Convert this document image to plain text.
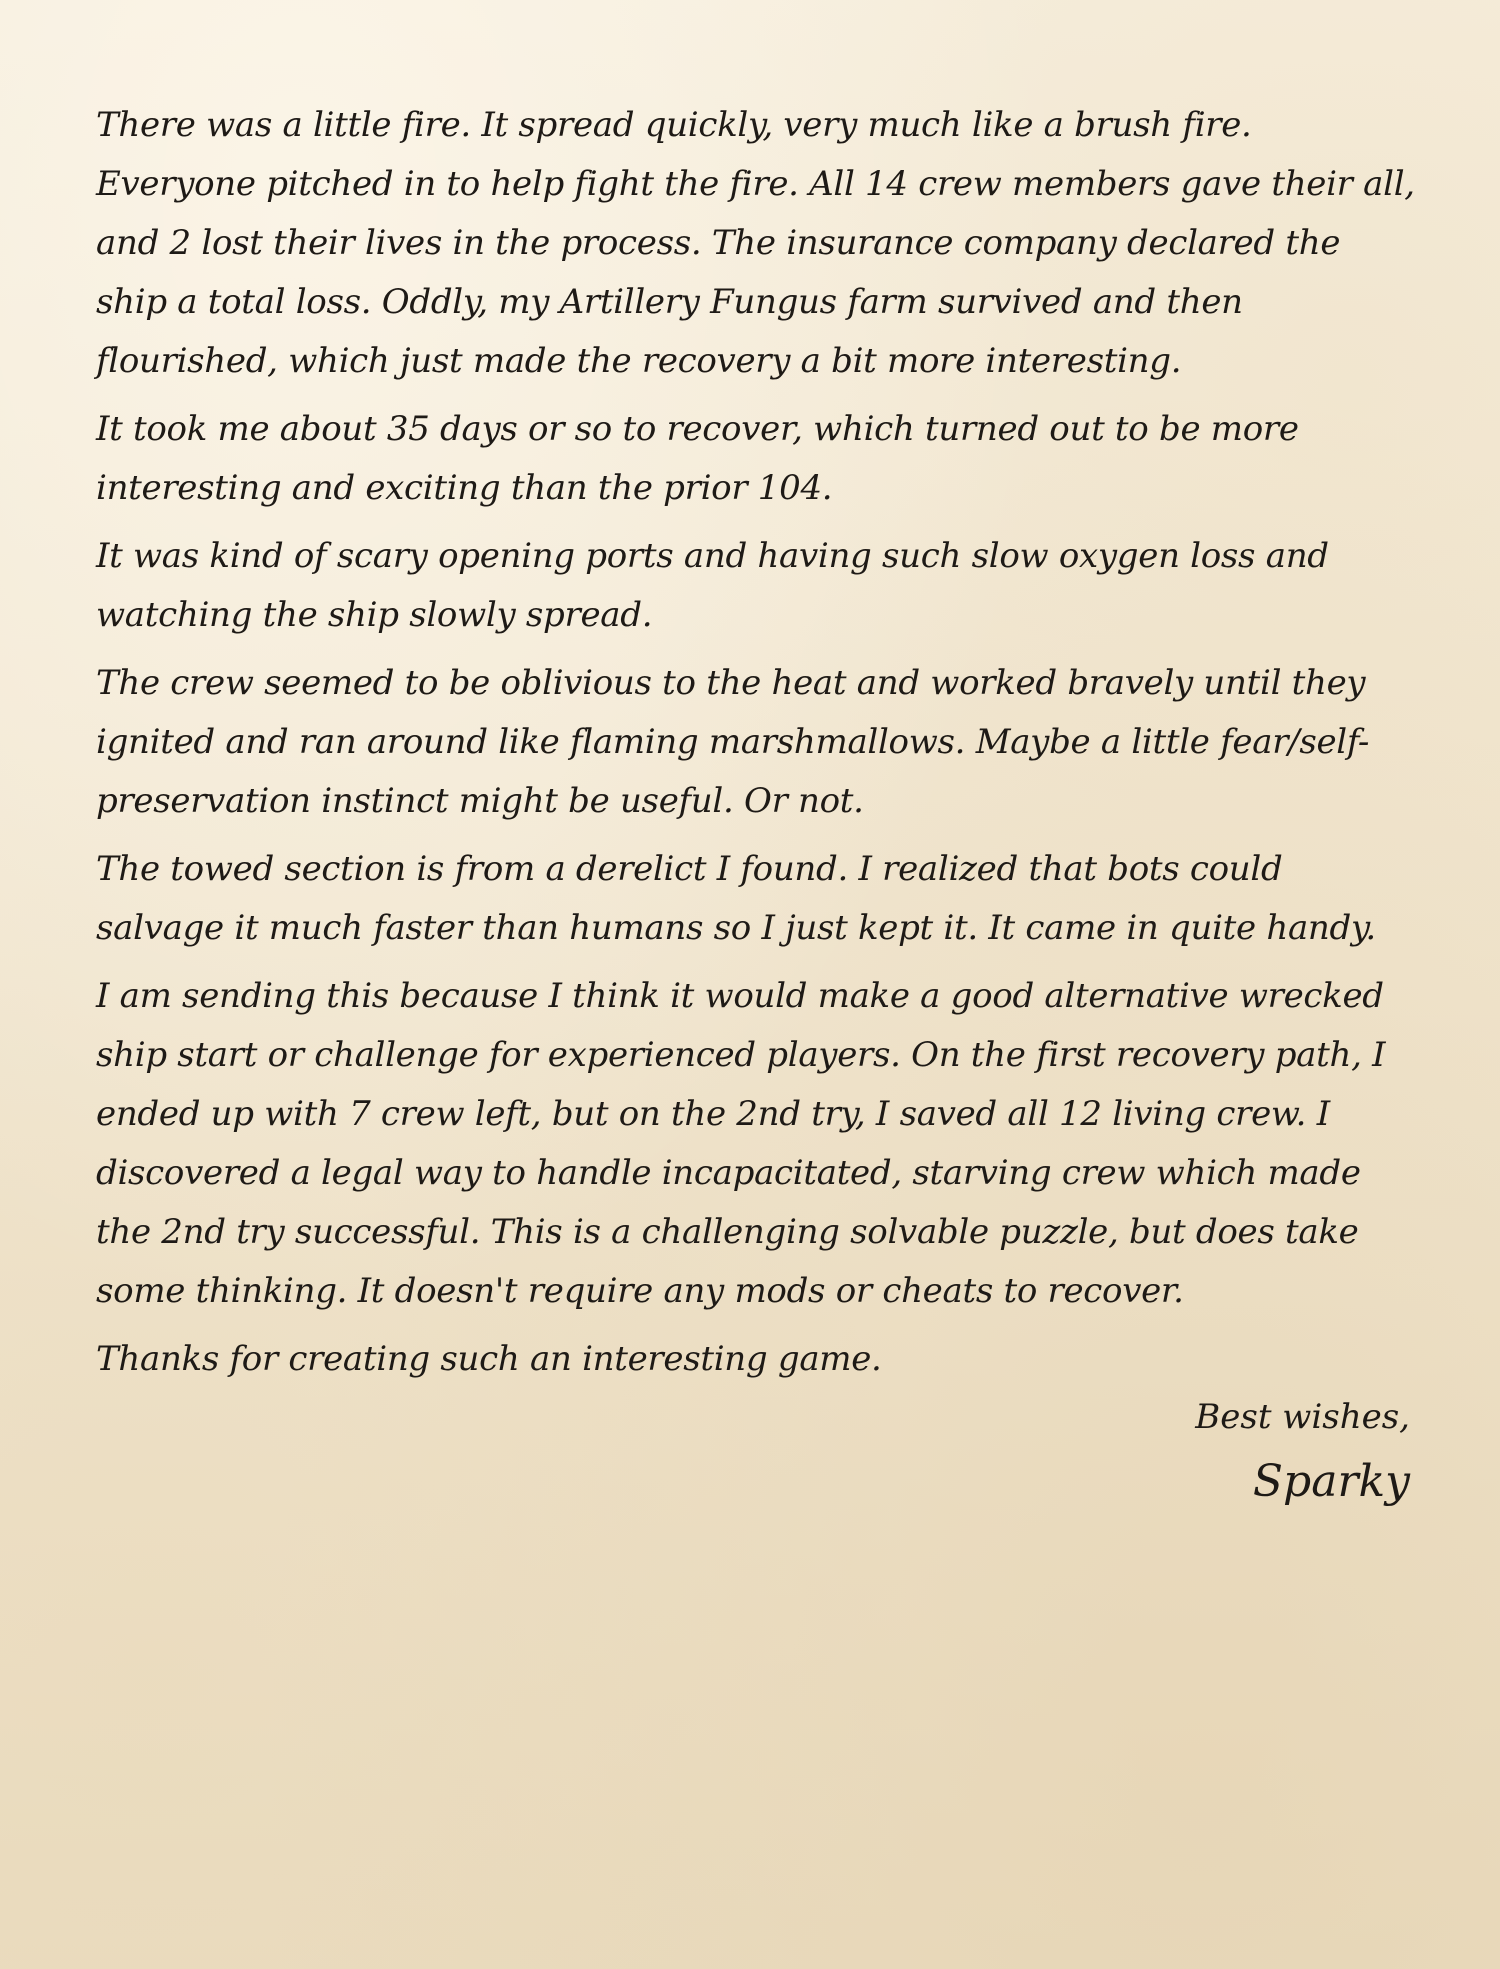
There was a little fire. It spread quickly, very much like a brush fire. Everyone pitched in to help fight the fire. All 14 crew members gave their all, and 2 lost their lives in the process. The insurance company declared the ship a total loss. Oddly, my Artillery Fungus farm survived and then flourished, which just made the recovery a bit more interesting.

It took me about 35 days or so to recover, which turned out to be more interesting and exciting than the prior 104.

It was kind of scary opening ports and having such slow oxygen loss and watching the ship slowly spread.

The crew seemed to be oblivious to the heat and worked bravely until they ignited and ran around like flaming marshmallows. Maybe a little fear/self-preservation instinct might be useful. Or not.

The towed section is from a derelict I found. I realized that bots could salvage it much faster than humans so I just kept it. It came in quite handy.

I am sending this because I think it would make a good alternative wrecked ship start or challenge for experienced players. On the first recovery path, I ended up with 7 crew left, but on the 2nd try, I saved all 12 living crew. I discovered a legal way to handle incapacitated, starving crew which made the 2nd try successful. This is a challenging solvable puzzle, but does take some thinking. It doesn't require any mods or cheats to recover.

Thanks for creating such an interesting game.

Best wishes,
Sparky
